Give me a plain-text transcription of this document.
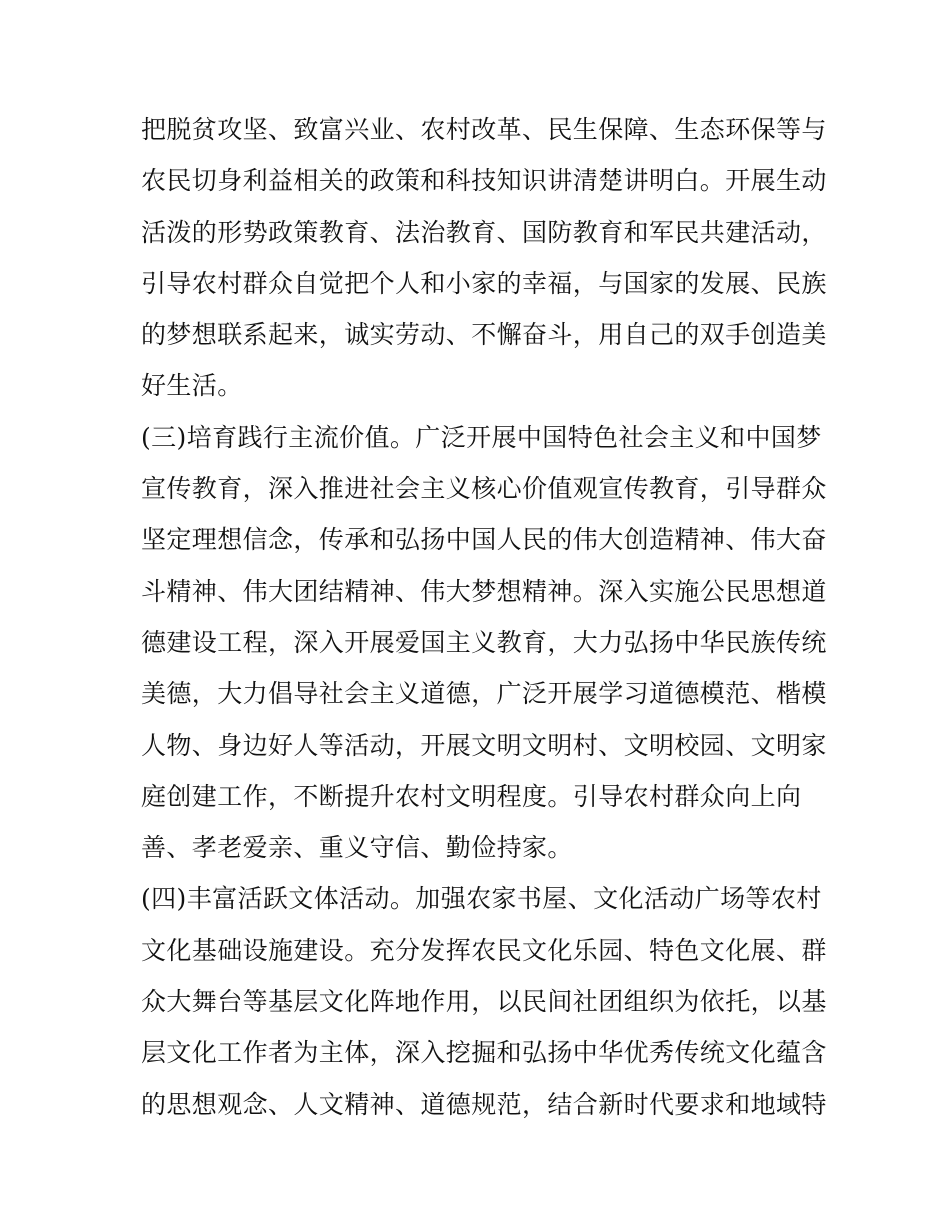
把脱贫攻坚、致富兴业、农村改革、民生保障、生态环保等与
农民切身利益相关的政策和科技知识讲清楚讲明白。开展生动
活泼的形势政策教育、法治教育、国防教育和军民共建活动，
引导农村群众自觉把个人和小家的幸福，与国家的发展、民族
的梦想联系起来，诚实劳动、不懈奋斗，用自己的双手创造美
好生活。
(三)培育践行主流价值。广泛开展中国特色社会主义和中国梦
宣传教育，深入推进社会主义核心价值观宣传教育，引导群众
坚定理想信念，传承和弘扬中国人民的伟大创造精神、伟大奋
斗精神、伟大团结精神、伟大梦想精神。深入实施公民思想道
德建设工程，深入开展爱国主义教育，大力弘扬中华民族传统
美德，大力倡导社会主义道德，广泛开展学习道德模范、楷模
人物、身边好人等活动，开展文明文明村、文明校园、文明家
庭创建工作，不断提升农村文明程度。引导农村群众向上向
善、孝老爱亲、重义守信、勤俭持家。
(四)丰富活跃文体活动。加强农家书屋、文化活动广场等农村
文化基础设施建设。充分发挥农民文化乐园、特色文化展、群
众大舞台等基层文化阵地作用，以民间社团组织为依托，以基
层文化工作者为主体，深入挖掘和弘扬中华优秀传统文化蕴含
的思想观念、人文精神、道德规范，结合新时代要求和地域特
